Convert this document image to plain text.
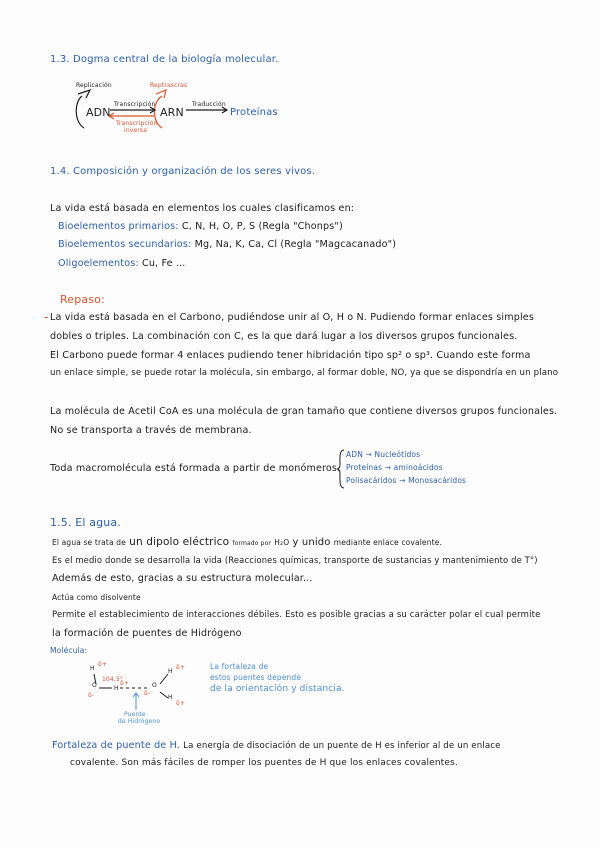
1.3. Dogma central de la biología molecular.
Replicación	Reptrascras
ADN	ARN
Transcripción
Transcripción
inversa
Traducción
Proteínas
1.4. Composición y organización de los seres vivos.
La vida está basada en elementos los cuales clasificamos en:
Bioelementos primarios: C, N, H, O, P, S (Regla "Chonps")
Bioelementos secundarios: Mg, Na, K, Ca, Cl (Regla "Magcacanado")
Oligoelementos: Cu, Fe ...
Repaso:
- La vida está basada en el Carbono, pudiéndose unir al O, H o N. Pudiendo formar enlaces simples
dobles o triples. La combinación con C, es la que dará lugar a los diversos grupos funcionales.
El Carbono puede formar 4 enlaces pudiendo tener hibridación tipo sp² o sp³. Cuando este forma
un enlace simple, se puede rotar la molécula, sin embargo, al formar doble, NO, ya que se dispondría en un plano
La molécula de Acetil CoA es una molécula de gran tamaño que contiene diversos grupos funcionales.
No se transporta a través de membrana.
Toda macromolécula está formada a partir de monómeros.
ADN → Nucleótidos
Proteínas → aminoácidos
Polisacáridos → Monosacáridos
1.5. El agua.
El agua se trata de un dipolo eléctrico formado por H₂O y unido mediante enlace covalente.
Es el medio donde se desarrolla la vida (Reacciones químicas, transporte de sustancias y mantenimiento de T°)
Además de esto, gracias a su estructura molecular...
Actúa como disolvente
Permite el establecimiento de interacciones débiles. Esto es posible gracias a su carácter polar el cual permite
la formación de puentes de Hidrógeno
Molécula:
H
δ+
O
104,5°
H
δ-
O
δ-
H
δ+
H
δ+
δ+
Puente
de Hidrógeno
La fortaleza de
estos puentes depende
de la orientación y distancia.
Fortaleza de puente de H. La energía de disociación de un puente de H es inferior al de un enlace
covalente. Son más fáciles de romper los puentes de H que los enlaces covalentes.
